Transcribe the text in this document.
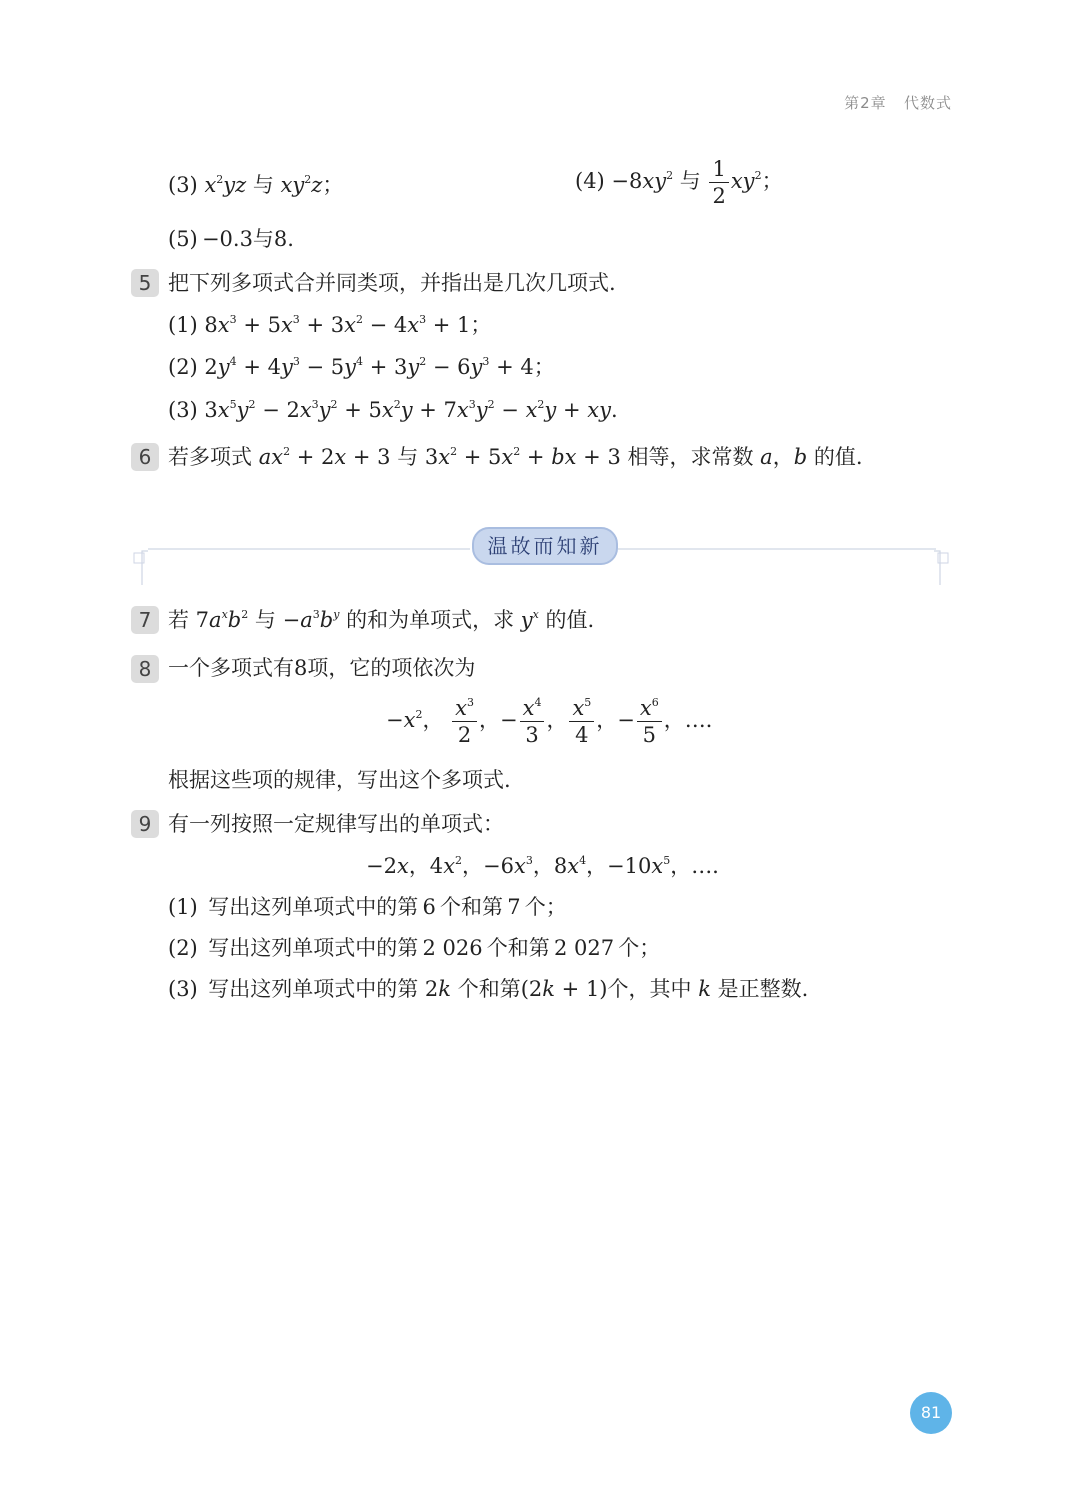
第2章 代数式
(3) $x^2yz$ 与 $xy^2z$；	$(4) -8xy^2$ 与 $\frac{1}{2} xy^2$；
(5) −0.3与8.
5 把下列多项式合并同类项，并指出是几次几项式.
(1) $8x^3 + 5x^3 + 3x^2 - 4x^3 + 1$；
(2) $2y^4 + 4y^3 - 5y^4 + 3y^2 - 6y^3 + 4$；
(3) $3x^5y^2 - 2x^3y^2 + 5x^2y + 7x^3y^2 - x^2y$ + xy.
6 若多项式 $ax^2 + 2x + 3$ 与 $3x^2 + 5x^2$ + bx + 3 相等，求常数 a，b 的值.
温故而知新
7 若 $7a^xb^2$ 与 $-a^3b^y$ 的和为单项式，求 $y^x$ 的值.
8 一个多项式有8项，它的项依次为
$-x^2$， $\frac{x^3}{2}$ ，− $\frac{x^4}{3}$ ， $\frac{x^5}{4}$ ，− $\frac{x^6}{5}$ ，…．
根据这些项的规律，写出这个多项式.
9 有一列按照一定规律写出的单项式：
−2x，$4x^2$，$-6x^3$，$8x^4$，$-10x^5$，…．
(1) 写出这列单项式中的第 6 个和第 7 个；
(2) 写出这列单项式中的第 2 026 个和第 2 027 个；
(3) 写出这列单项式中的第 2k 个和第(2k + 1)个，其中 k 是正整数.
81
